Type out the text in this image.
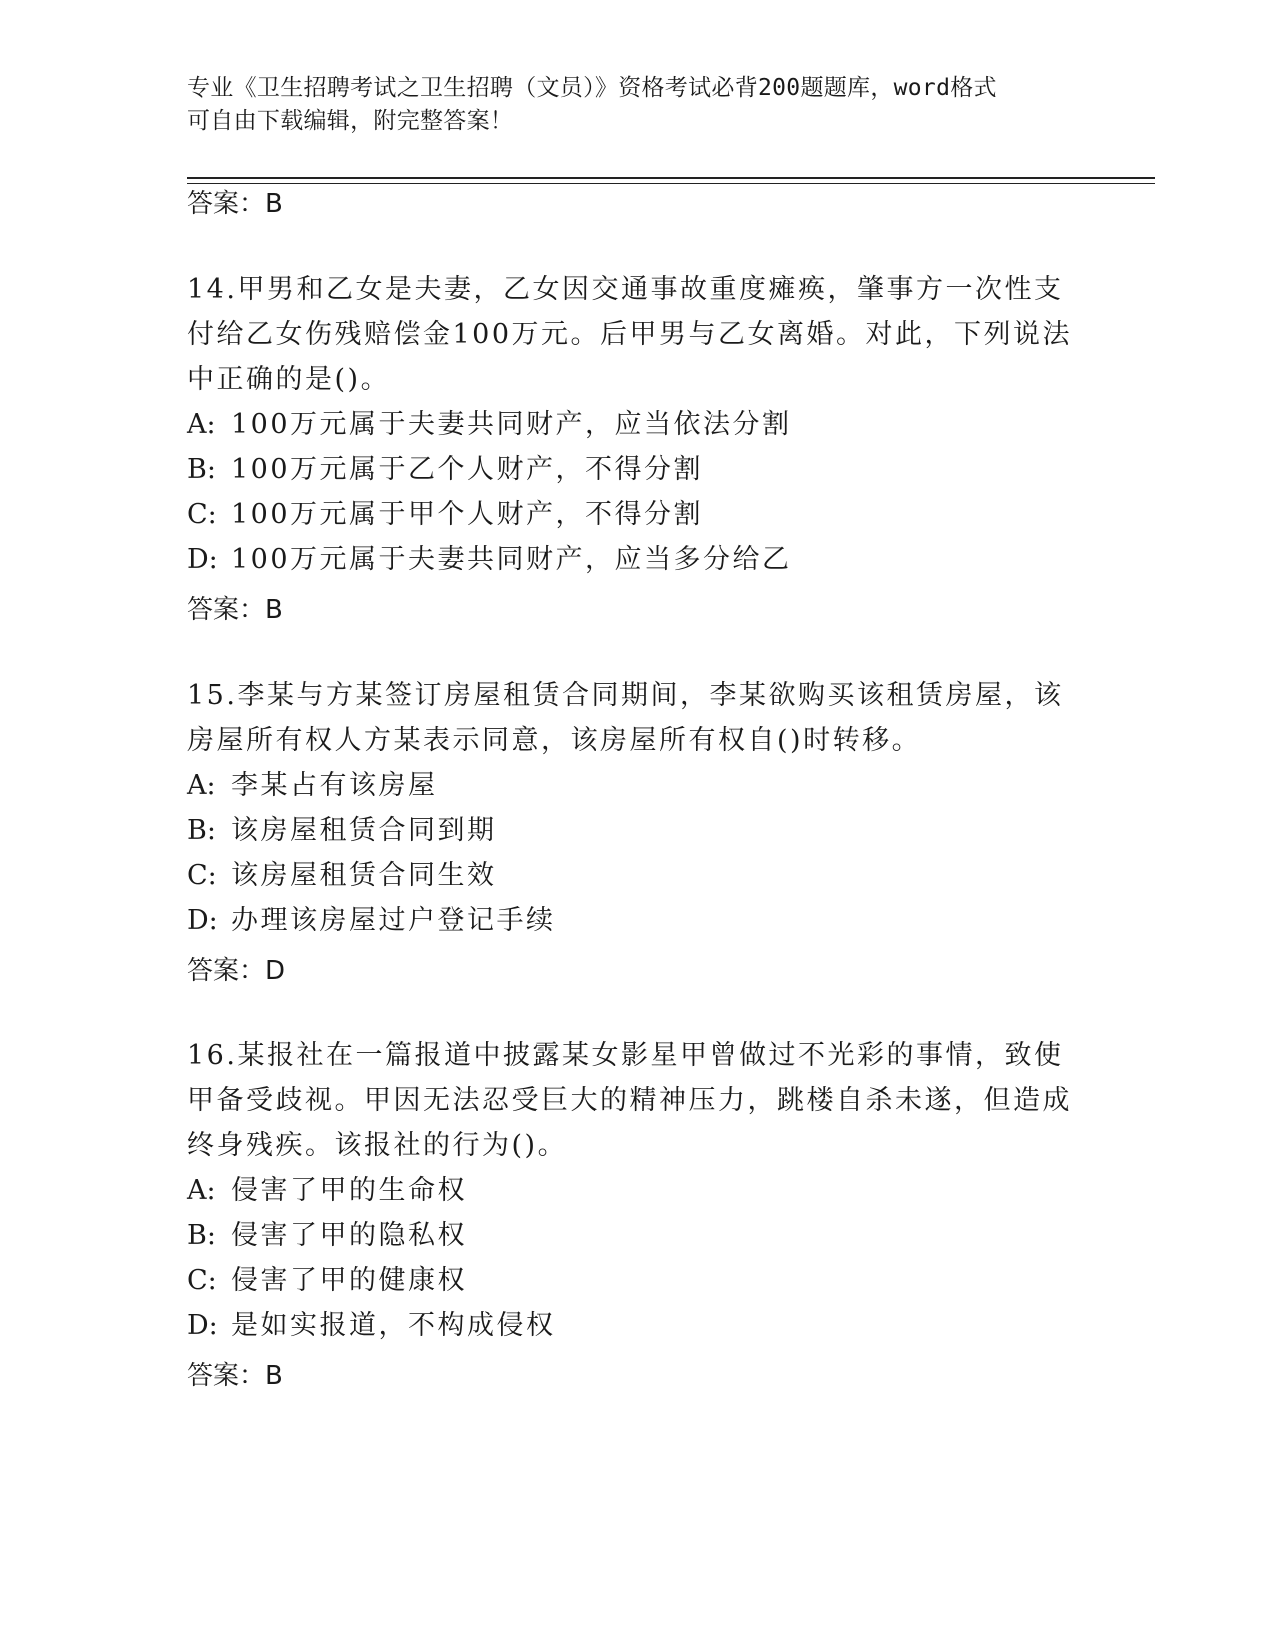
专业《卫生招聘考试之卫生招聘（文员）》资格考试必背200题题库，word格式
可自由下载编辑，附完整答案！
答案：B

14.甲男和乙女是夫妻，乙女因交通事故重度瘫痪，肇事方一次性支付给乙女伤残赔偿金100万元。后甲男与乙女离婚。对此，下列说法中正确的是()。

A: 100万元属于夫妻共同财产，应当依法分割

B: 100万元属于乙个人财产，不得分割

C: 100万元属于甲个人财产，不得分割

D: 100万元属于夫妻共同财产，应当多分给乙

答案：B

15.李某与方某签订房屋租赁合同期间，李某欲购买该租赁房屋，该房屋所有权人方某表示同意，该房屋所有权自()时转移。

A: 李某占有该房屋

B: 该房屋租赁合同到期

C: 该房屋租赁合同生效

D: 办理该房屋过户登记手续

答案：D

16.某报社在一篇报道中披露某女影星甲曾做过不光彩的事情，致使甲备受歧视。甲因无法忍受巨大的精神压力，跳楼自杀未遂，但造成终身残疾。该报社的行为()。

A: 侵害了甲的生命权

B: 侵害了甲的隐私权

C: 侵害了甲的健康权

D: 是如实报道，不构成侵权

答案：B
